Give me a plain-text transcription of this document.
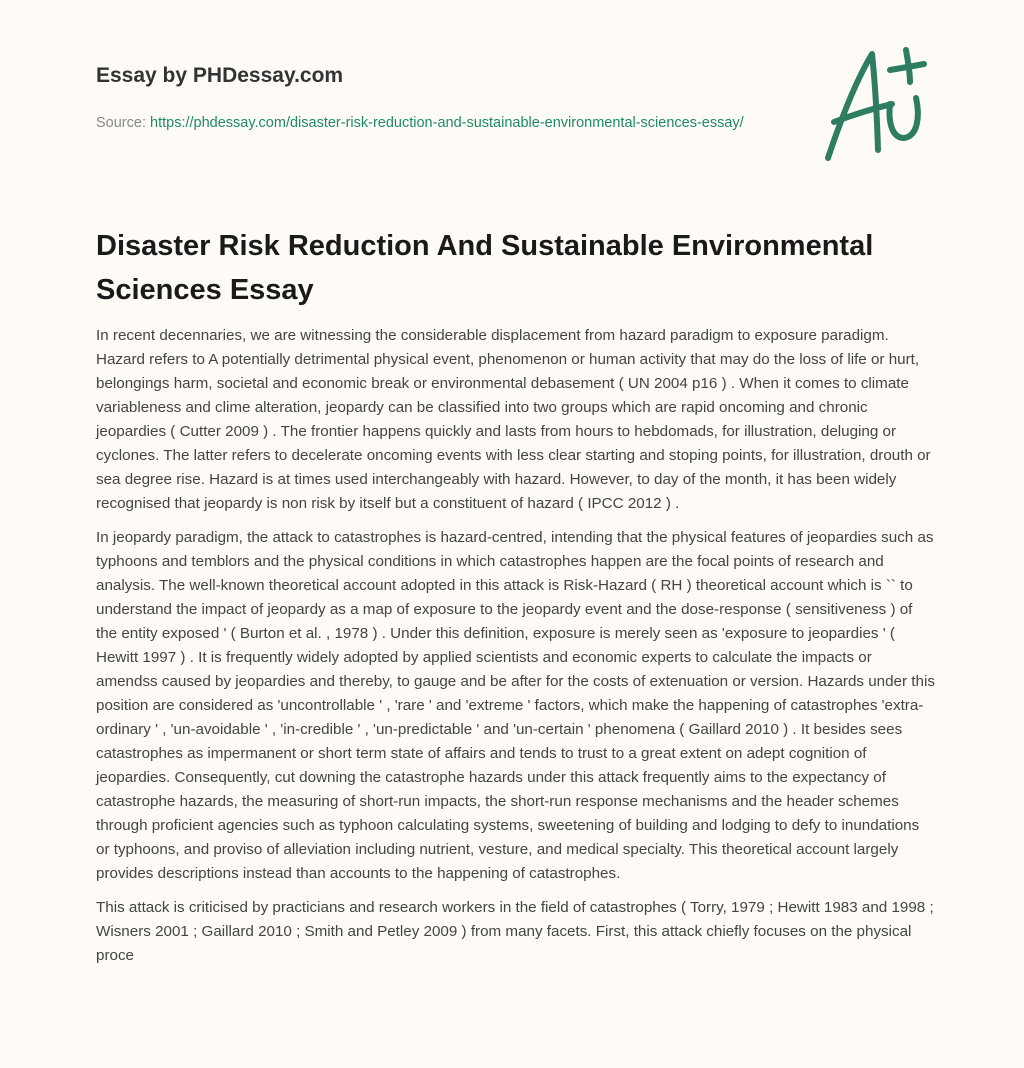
Essay by PHDessay.com
Source: https://phdessay.com/disaster-risk-reduction-and-sustainable-environmental-sciences-essay/
Disaster Risk Reduction And Sustainable Environmental Sciences Essay

In recent decennaries, we are witnessing the considerable displacement from hazard paradigm to exposure paradigm. Hazard refers to A potentially detrimental physical event, phenomenon or human activity that may do the loss of life or hurt, belongings harm, societal and economic break or environmental debasement ( UN 2004 p16 ) . When it comes to climate variableness and clime alteration, jeopardy can be classified into two groups which are rapid oncoming and chronic jeopardies ( Cutter 2009 ) . The frontier happens quickly and lasts from hours to hebdomads, for illustration, deluging or cyclones. The latter refers to decelerate oncoming events with less clear starting and stoping points, for illustration, drouth or sea degree rise. Hazard is at times used interchangeably with hazard. However, to day of the month, it has been widely recognised that jeopardy is non risk by itself but a constituent of hazard ( IPCC 2012 ) .

In jeopardy paradigm, the attack to catastrophes is hazard-centred, intending that the physical features of jeopardies such as typhoons and temblors and the physical conditions in which catastrophes happen are the focal points of research and analysis. The well-known theoretical account adopted in this attack is Risk-Hazard ( RH ) theoretical account which is `` to understand the impact of jeopardy as a map of exposure to the jeopardy event and the dose-response ( sensitiveness ) of the entity exposed ' ( Burton et al. , 1978 ) . Under this definition, exposure is merely seen as 'exposure to jeopardies ' ( Hewitt 1997 ) . It is frequently widely adopted by applied scientists and economic experts to calculate the impacts or amendss caused by jeopardies and thereby, to gauge and be after for the costs of extenuation or version. Hazards under this position are considered as 'uncontrollable ' , 'rare ' and 'extreme ' factors, which make the happening of catastrophes 'extra-ordinary ' , 'un-avoidable ' , 'in-credible ' , 'un-predictable ' and 'un-certain ' phenomena ( Gaillard 2010 ) . It besides sees catastrophes as impermanent or short term state of affairs and tends to trust to a great extent on adept cognition of jeopardies. Consequently, cut downing the catastrophe hazards under this attack frequently aims to the expectancy of catastrophe hazards, the measuring of short-run impacts, the short-run response mechanisms and the header schemes through proficient agencies such as typhoon calculating systems, sweetening of building and lodging to defy to inundations or typhoons, and proviso of alleviation including nutrient, vesture, and medical specialty. This theoretical account largely provides descriptions instead than accounts to the happening of catastrophes.

This attack is criticised by practicians and research workers in the field of catastrophes ( Torry, 1979 ; Hewitt 1983 and 1998 ; Wisners 2001 ; Gaillard 2010 ; Smith and Petley 2009 ) from many facets. First, this attack chiefly focuses on the physical proce
